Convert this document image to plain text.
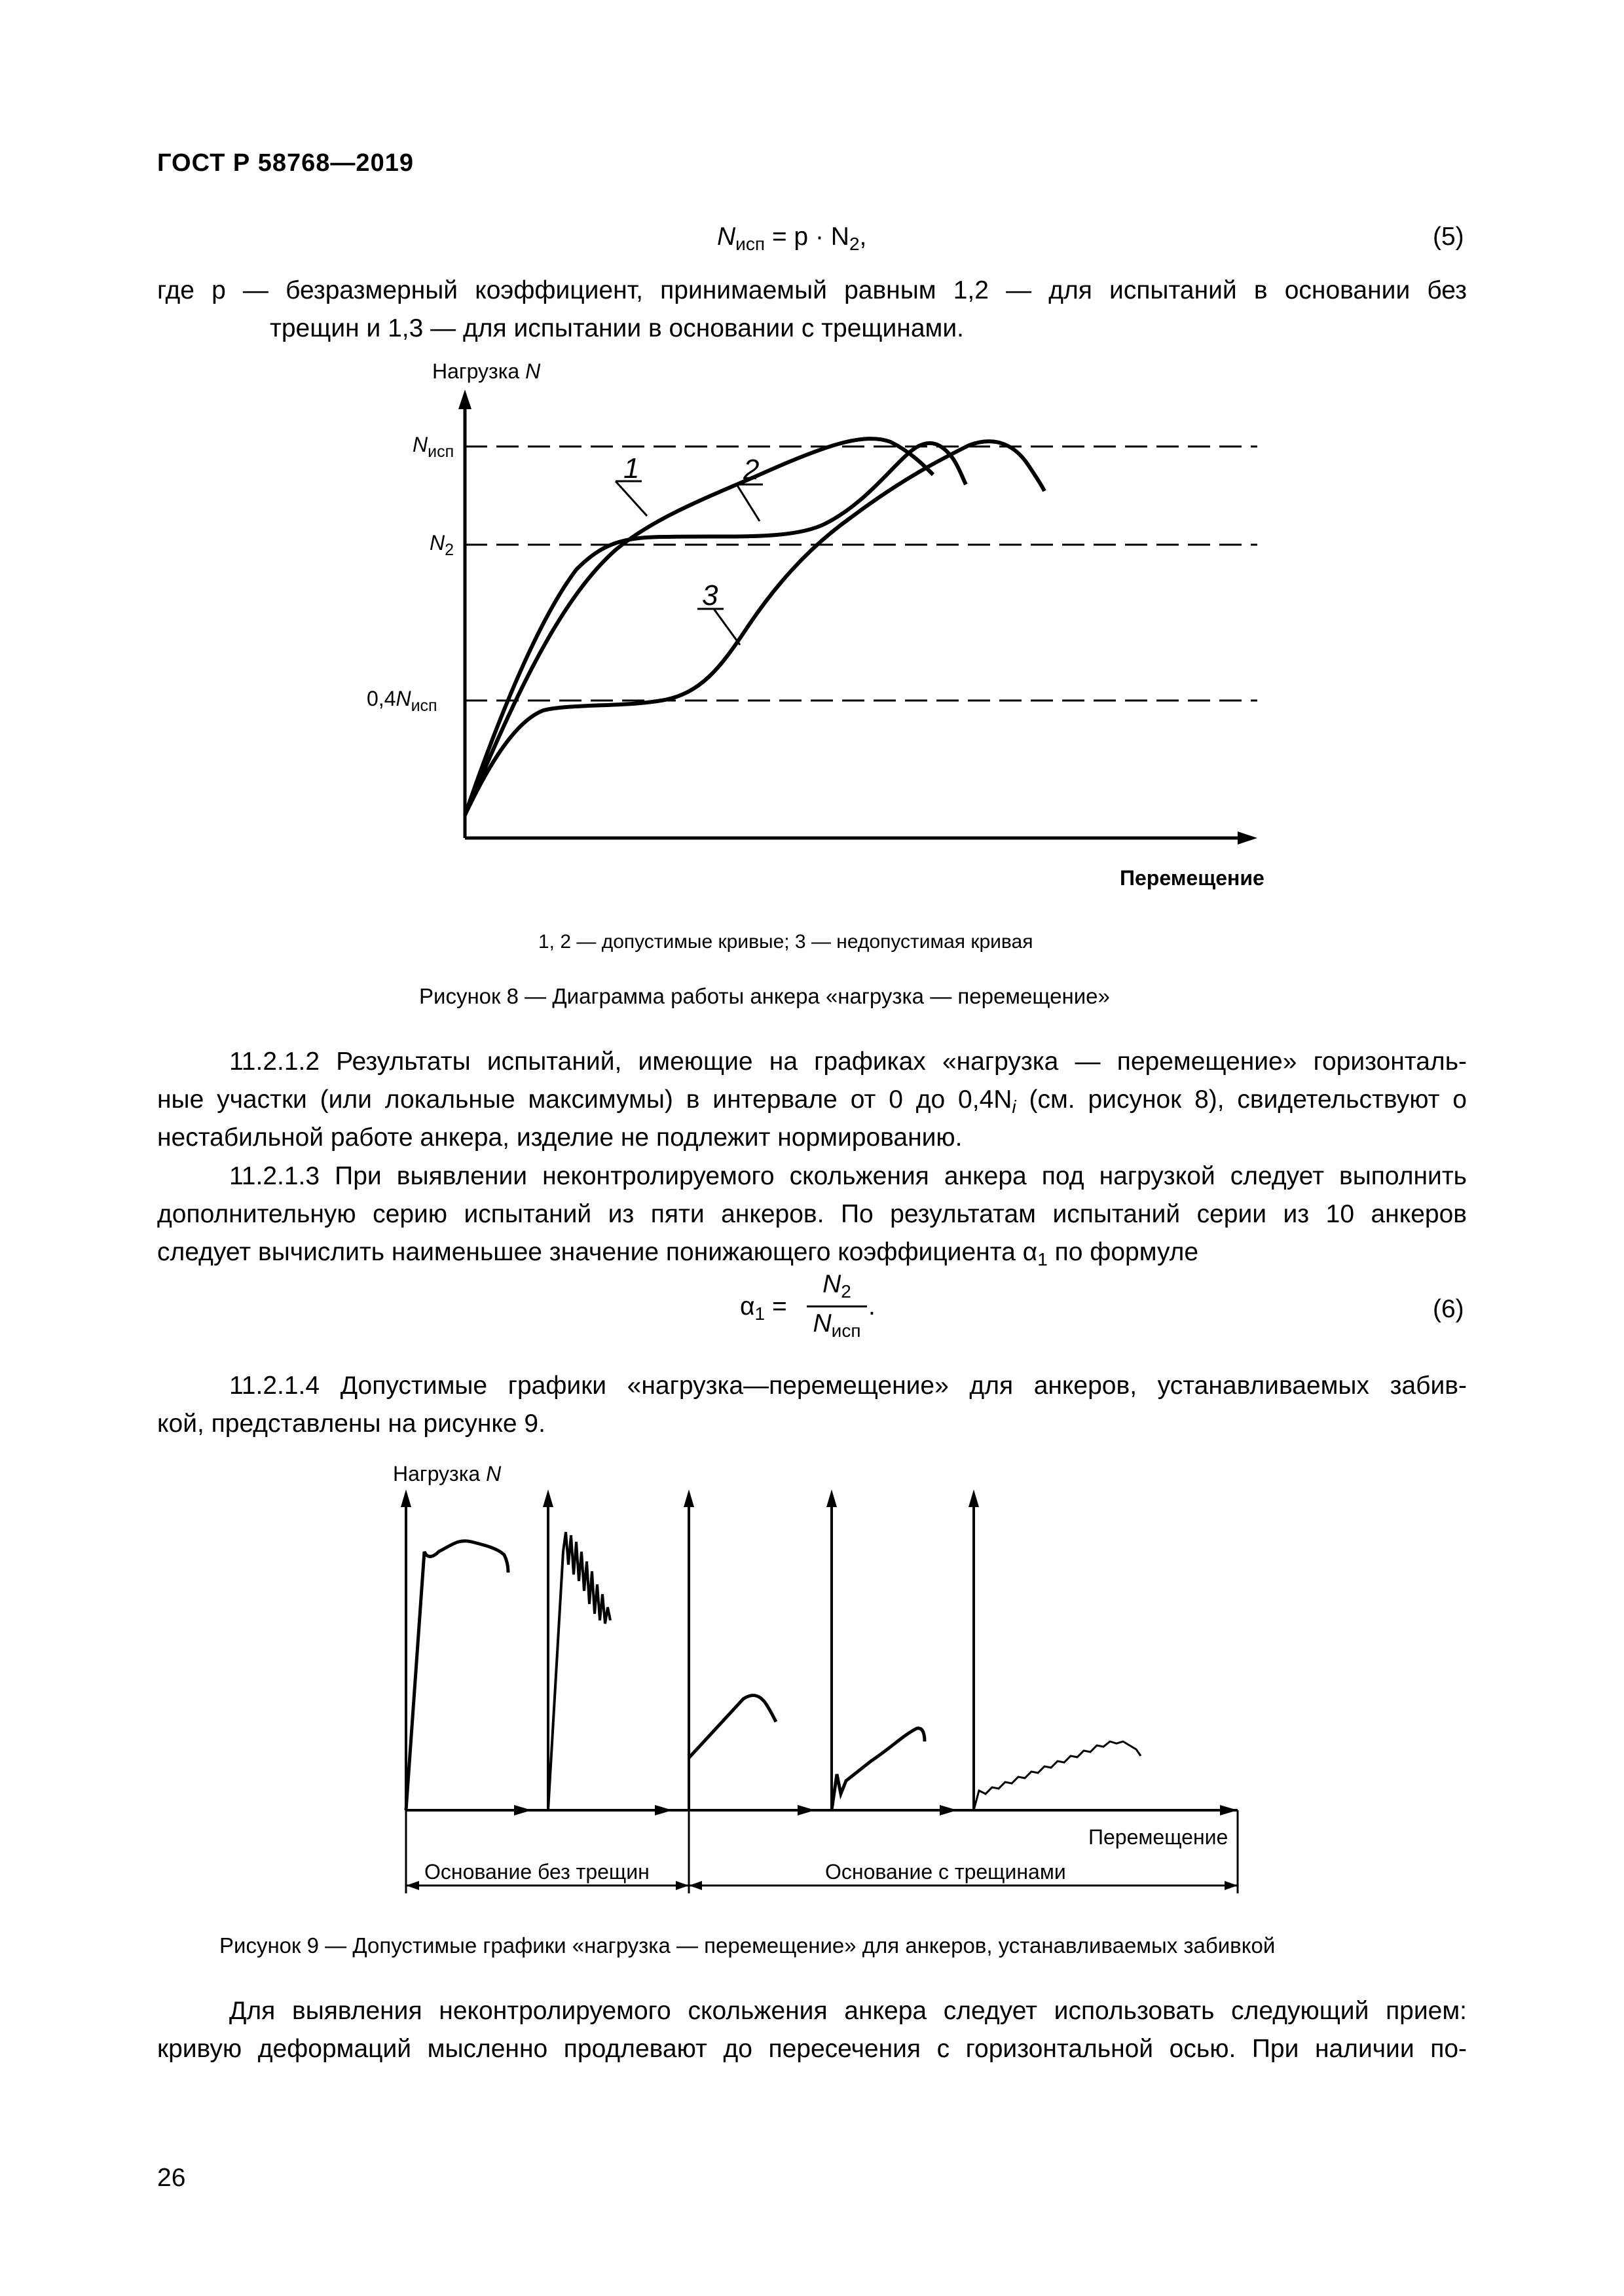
ГОСТ Р 58768—2019
$N_{исп} = p \cdot N_2$,	(5)
где p — безразмерный коэффициент, принимаемый равным 1,2 — для испытаний в основании без
трещин и 1,3 — для испытании в основании с трещинами.
Нагрузка N
Перемещение
$N_{исп}$
$N_2$
$0,4N_{исп}$
1	2
3
1, 2 — допустимые кривые; 3 — недопустимая кривая
Рисунок 8 — Диаграмма работы анкера «нагрузка — перемещение»
11.2.1.2 Результаты испытаний, имеющие на графиках «нагрузка — перемещение» горизонталь-
ные участки (или локальные максимумы) в интервале от 0 до $0,4N_i$ (см. рисунок 8), свидетельствуют о
нестабильной работе анкера, изделие не подлежит нормированию.
11.2.1.3 При выявлении неконтролируемого скольжения анкера под нагрузкой следует выполнить
дополнительную серию испытаний из пяти анкеров. По результатам испытаний серии из 10 анкеров
следует вычислить наименьшее значение понижающего коэффициента $\alpha_1$ по формуле
$\alpha_1$ =
$N_2$
$N_{исп}$
.	(6)
11.2.1.4 Допустимые графики «нагрузка—перемещение» для анкеров, устанавливаемых забив-
кой, представлены на рисунке 9.
Нагрузка N
Перемещение
Основание без трещин	Основание с трещинами
Рисунок 9 — Допустимые графики «нагрузка — перемещение» для анкеров, устанавливаемых забивкой
Для выявления неконтролируемого скольжения анкера следует использовать следующий прием:
кривую деформаций мысленно продлевают до пересечения с горизонтальной осью. При наличии по-
26
